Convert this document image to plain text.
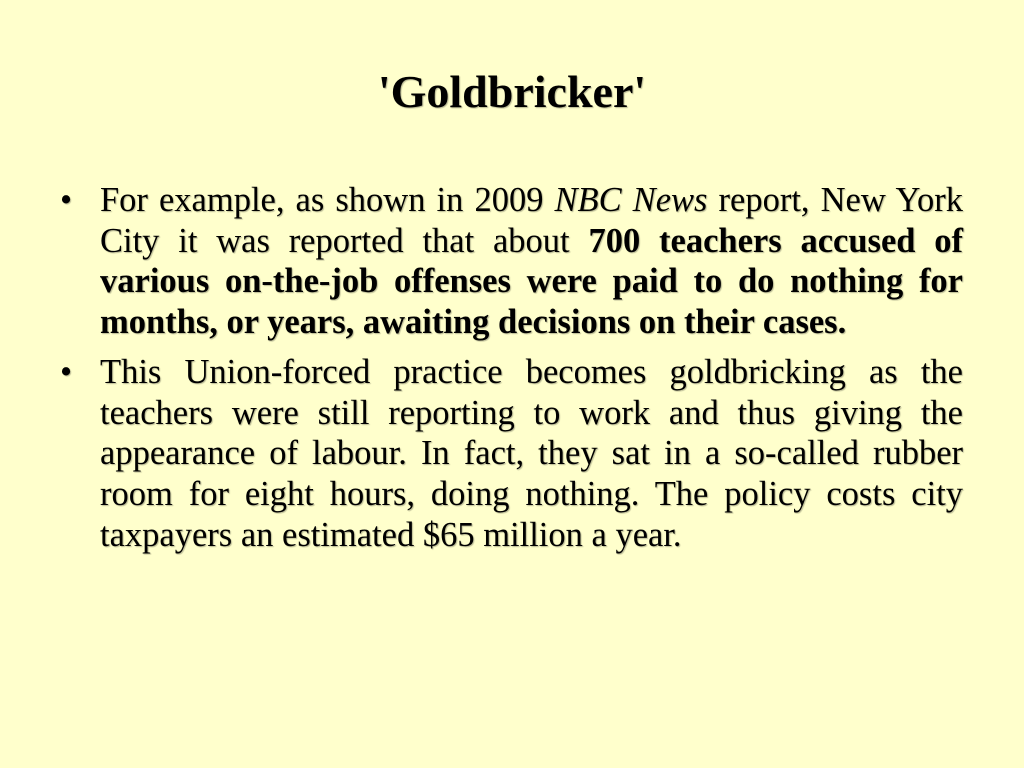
'Goldbricker'
• For example, as shown in 2009 NBC News report, New York City it was reported that about 700 teachers accused of various on-the-job offenses were paid to do nothing for months, or years, awaiting decisions on their cases.
• This Union-forced practice becomes goldbricking as the teachers were still reporting to work and thus giving the appearance of labour. In fact, they sat in a so-called rubber room for eight hours, doing nothing. The policy costs city taxpayers an estimated $65 million a year.
